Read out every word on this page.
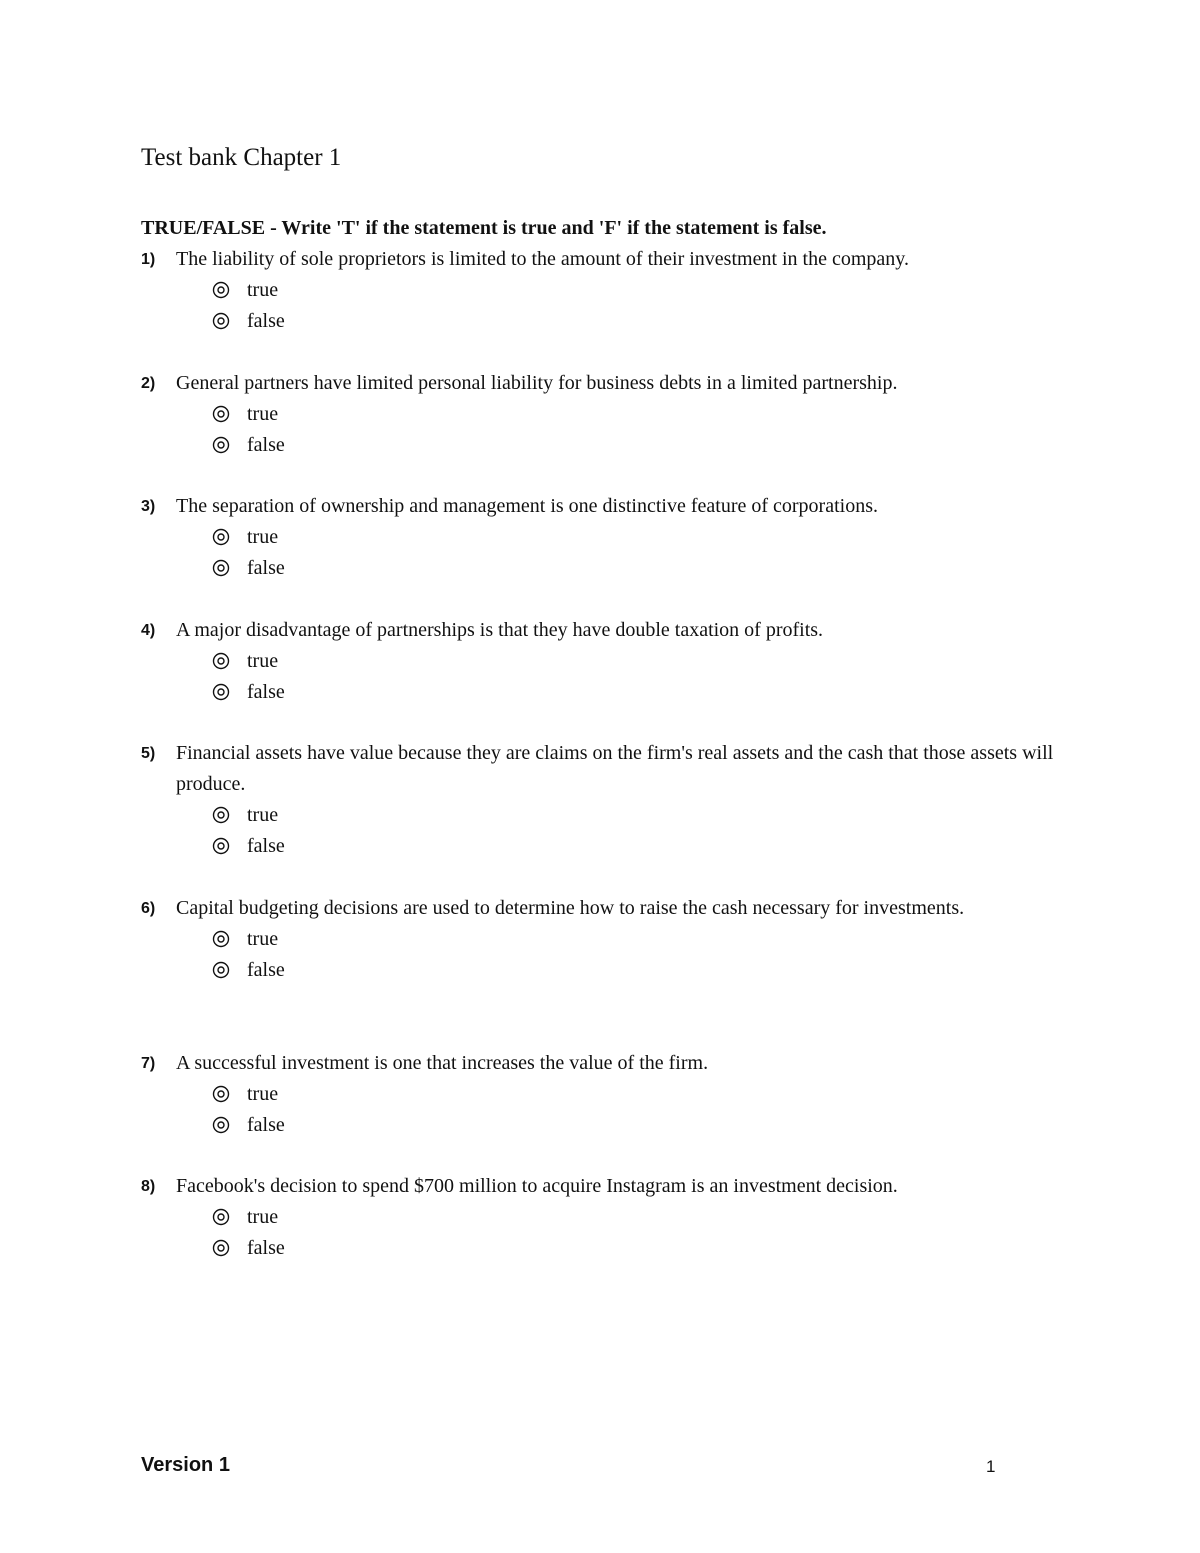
Test bank Chapter 1
TRUE/FALSE - Write 'T' if the statement is true and 'F' if the statement is false.
1) The liability of sole proprietors is limited to the amount of their investment in the company.
true
false
2) General partners have limited personal liability for business debts in a limited partnership.
true
false
3) The separation of ownership and management is one distinctive feature of corporations.
true
false
4) A major disadvantage of partnerships is that they have double taxation of profits.
true
false
5) Financial assets have value because they are claims on the firm's real assets and the cash that those assets will produce.
true
false
6) Capital budgeting decisions are used to determine how to raise the cash necessary for investments.
true
false
7) A successful investment is one that increases the value of the firm.
true
false
8) Facebook's decision to spend $700 million to acquire Instagram is an investment decision.
true
false
Version 1	1
